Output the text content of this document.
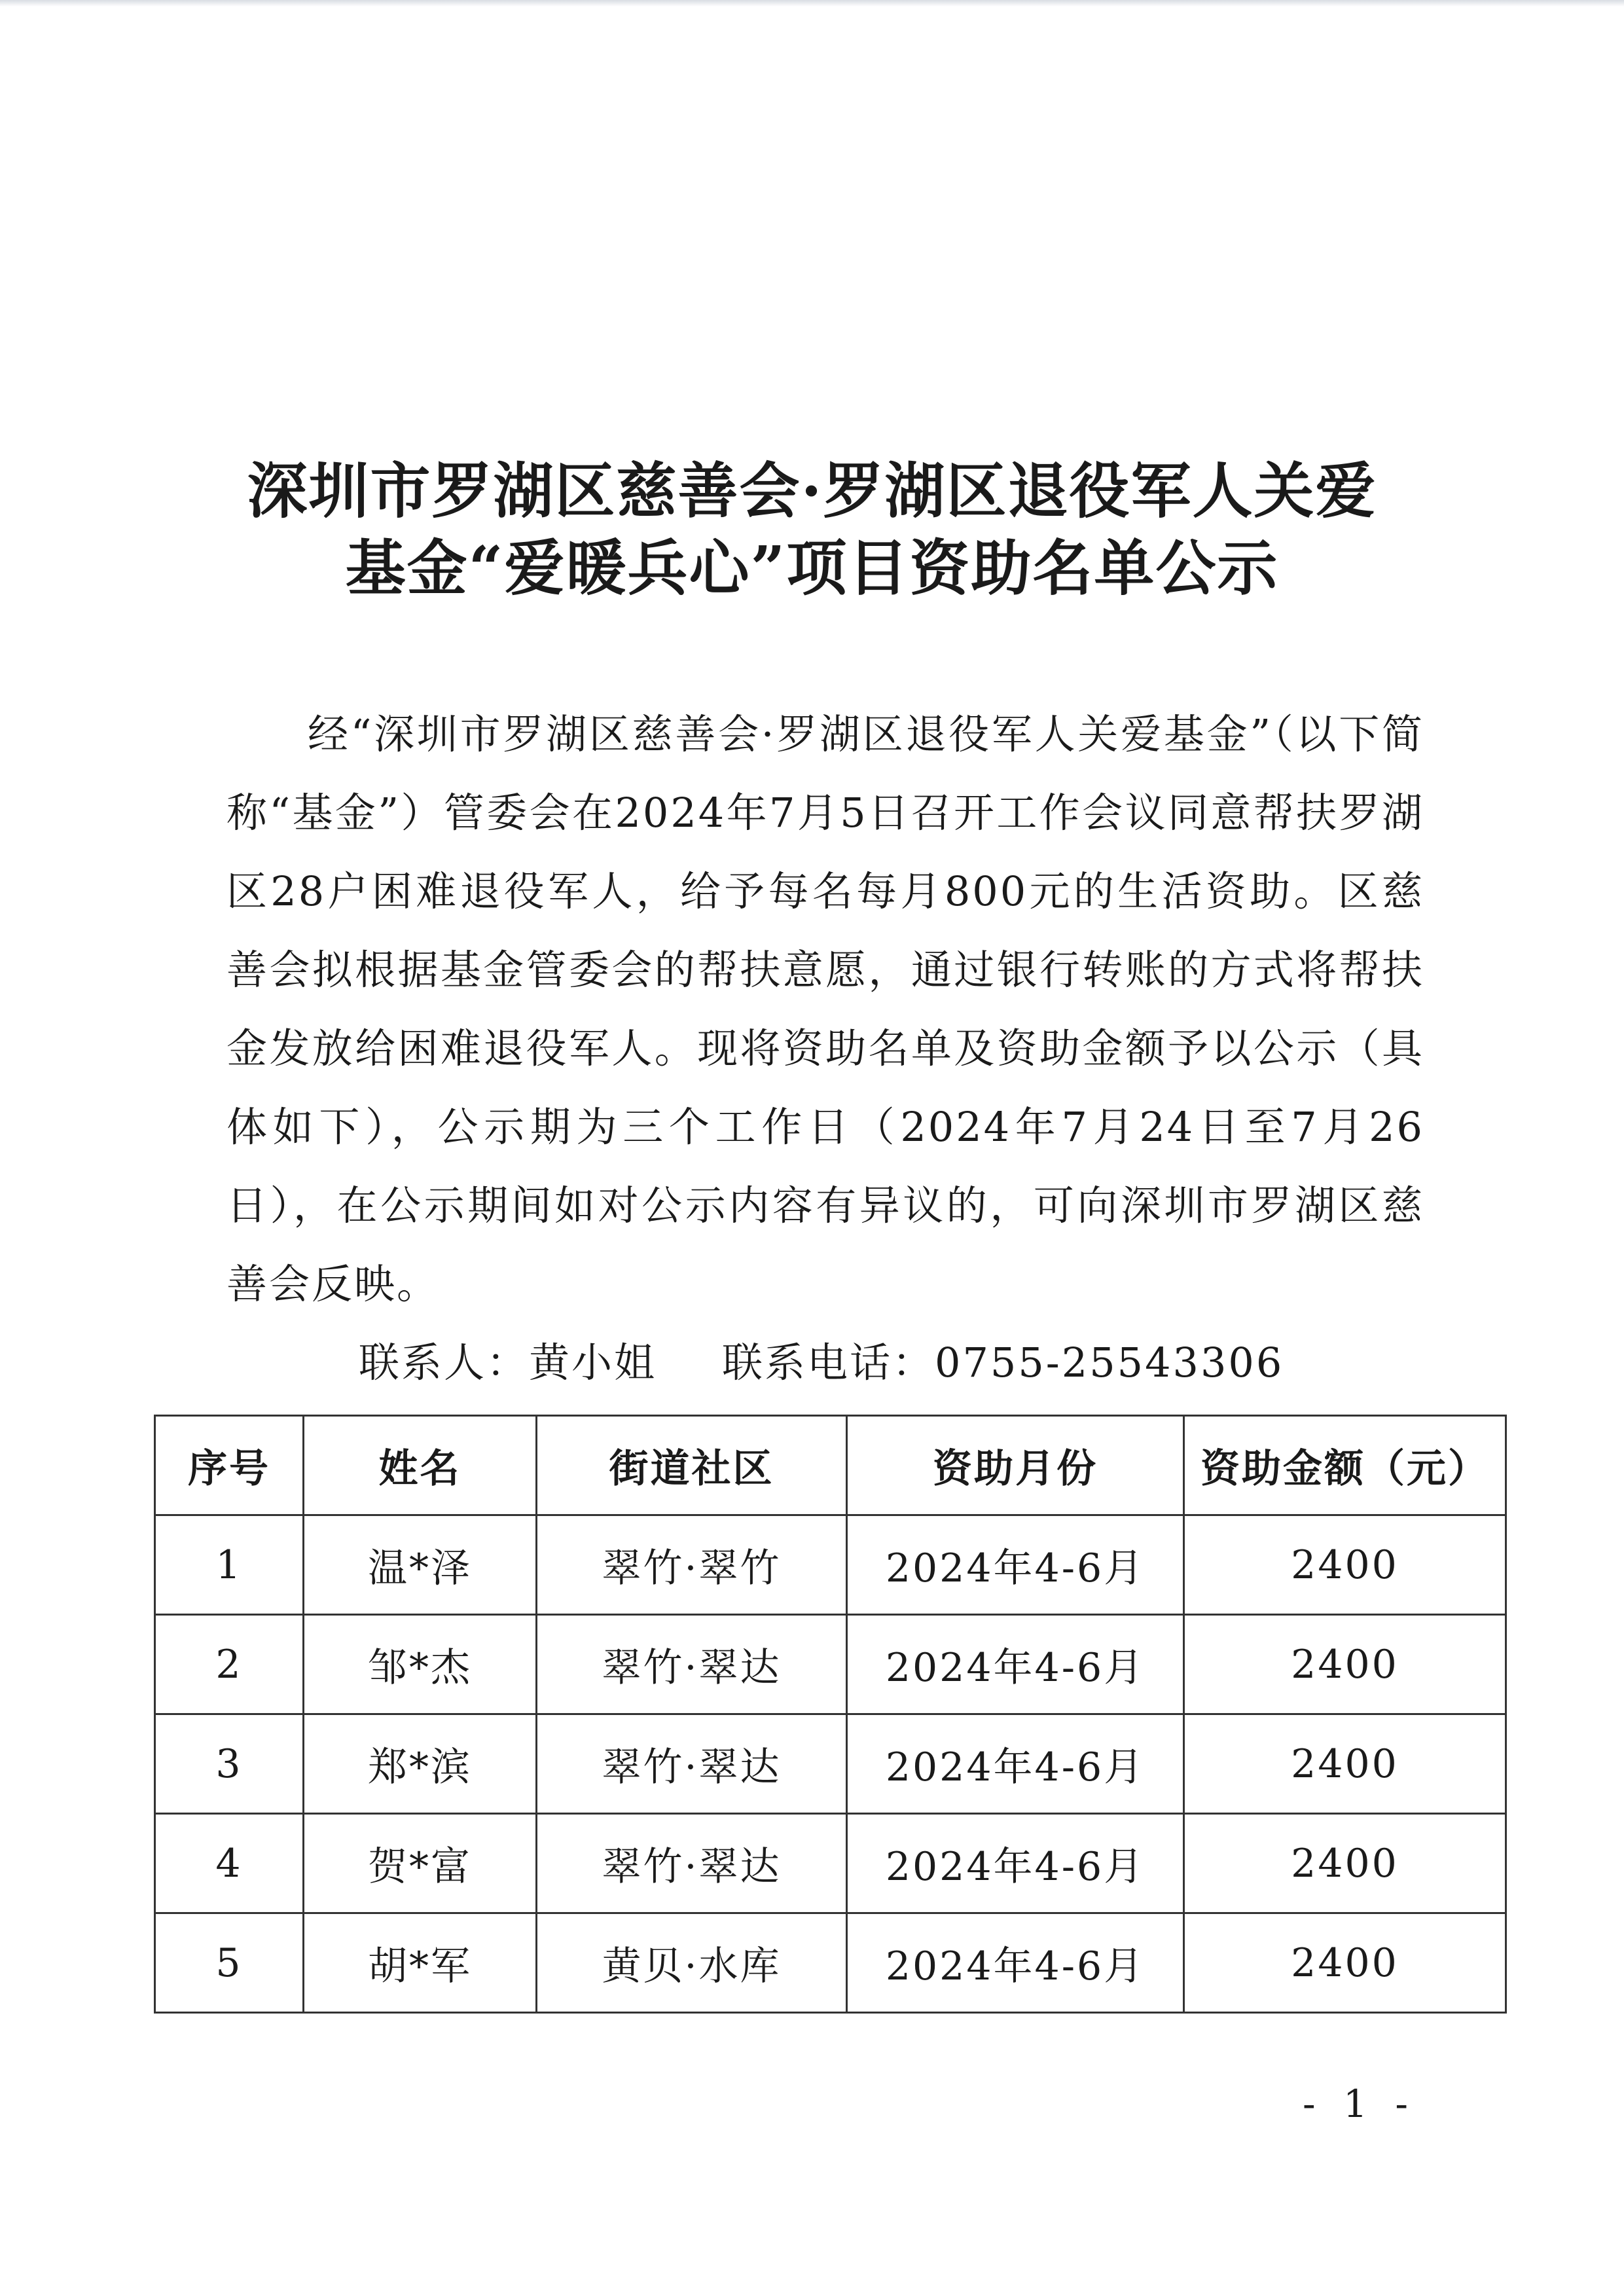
深圳市罗湖区慈善会·罗湖区退役军人关爱
基金“爱暖兵心”项目资助名单公示

经“深圳市罗湖区慈善会·罗湖区退役军人关爱基金”（以下简称“基金”）管委会在2024年7月5日召开工作会议同意帮扶罗湖区28户困难退役军人，给予每名每月800元的生活资助。区慈善会拟根据基金管委会的帮扶意愿，通过银行转账的方式将帮扶金发放给困难退役军人。现将资助名单及资助金额予以公示（具体如下），公示期为三个工作日（2024年7月24日至7月26日），在公示期间如对公示内容有异议的，可向深圳市罗湖区慈善会反映。

联系人：黄小姐 联系电话：0755-25543306
序号	姓名	街道社区	资助月份	资助金额（元）
1	温*泽	翠竹·翠竹	2024年4-6月	2400
2	邹*杰	翠竹·翠达	2024年4-6月	2400
3	郑*滨	翠竹·翠达	2024年4-6月	2400
4	贺*富	翠竹·翠达	2024年4-6月	2400
5	胡*军	黄贝·水库	2024年4-6月	2400
- 1 -
